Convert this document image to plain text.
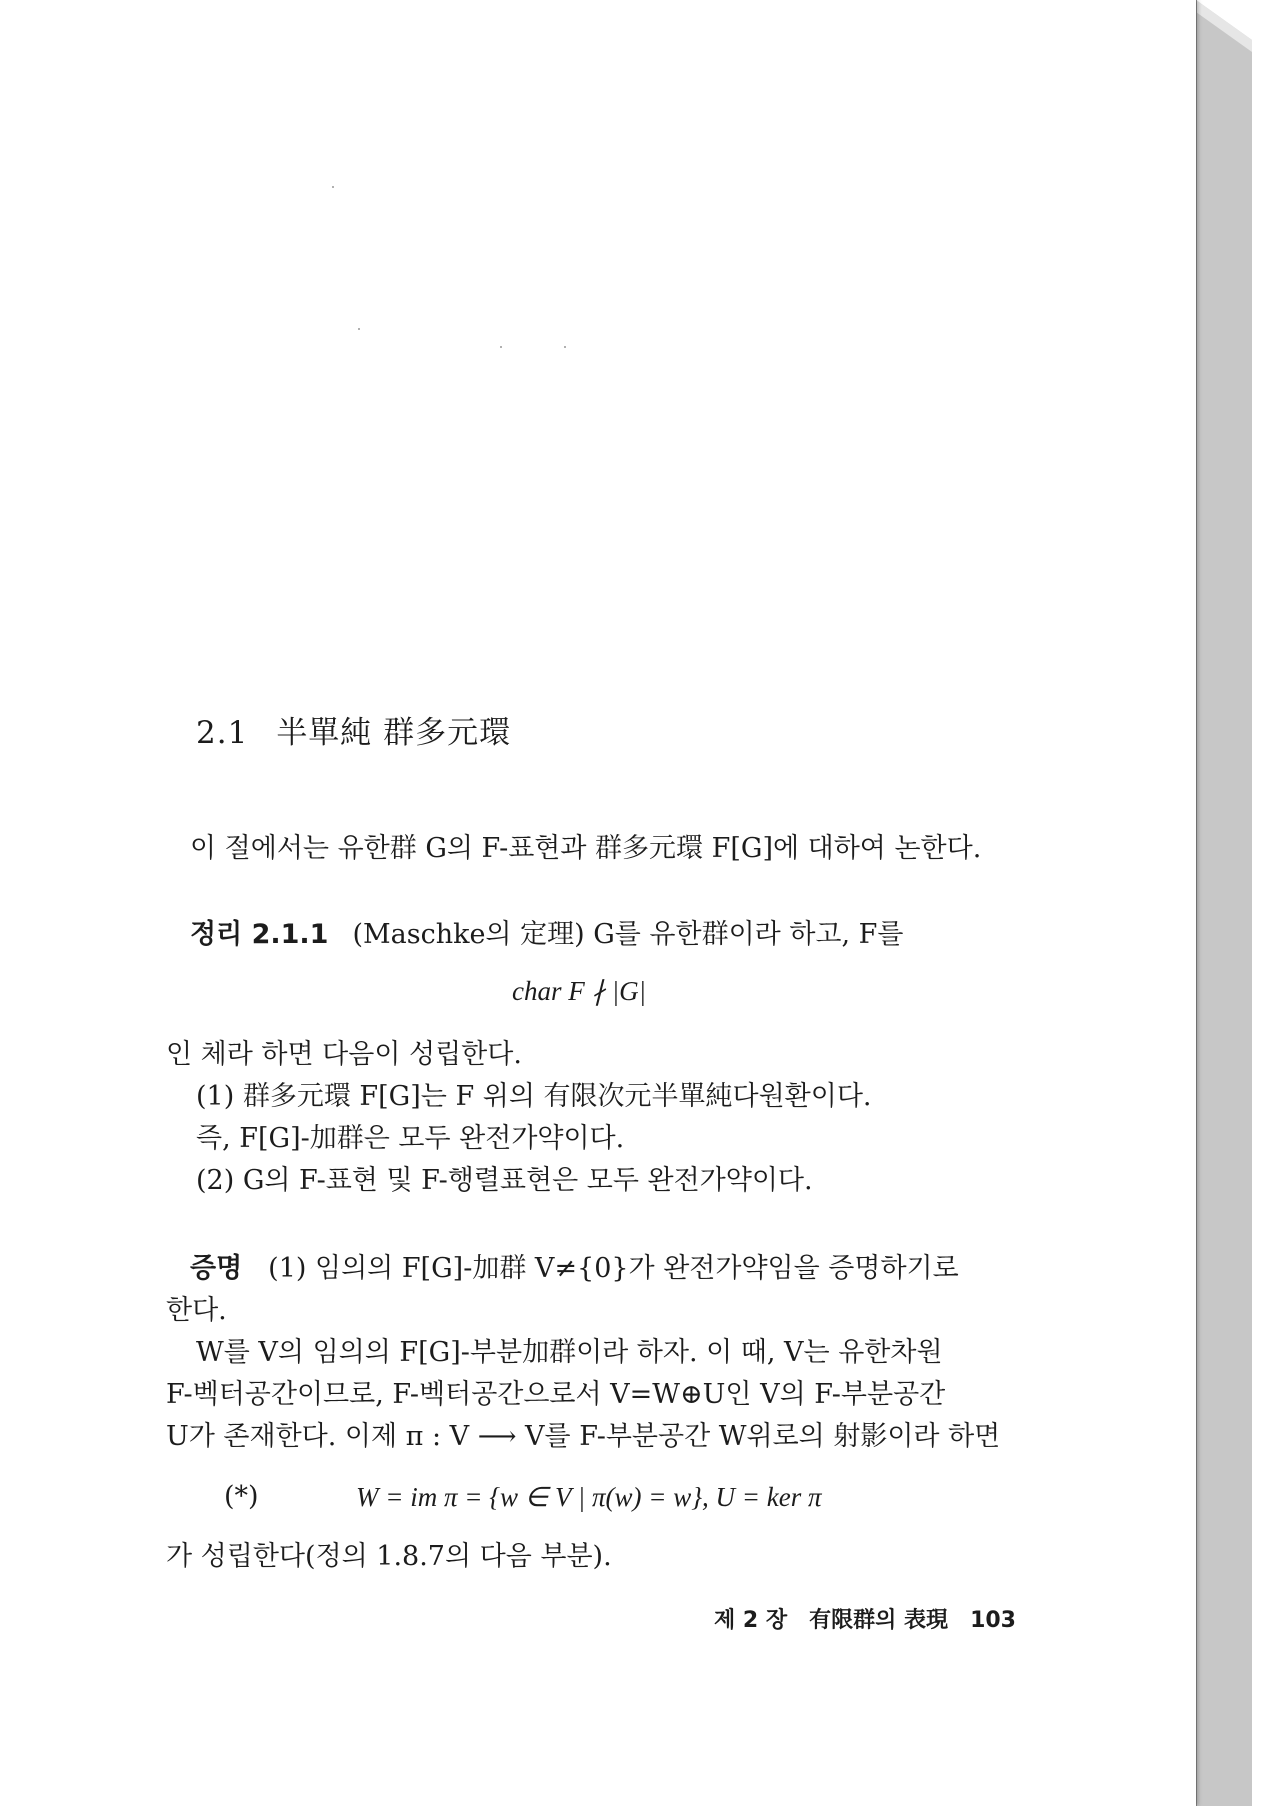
2.1 半單純 群多元環
이 절에서는 유한群 G의 F-표현과 群多元環 F[G]에 대하여 논한다.
정리 2.1.1 (Maschke의 定理) G를 유한群이라 하고, F를
char F ∤ |G|
인 체라 하면 다음이 성립한다.
(1) 群多元環 F[G]는 F 위의 有限次元半單純다원환이다.
즉, F[G]-加群은 모두 완전가약이다.
(2) G의 F-표현 및 F-행렬표현은 모두 완전가약이다.
증명 (1) 임의의 F[G]-加群 V≠{0}가 완전가약임을 증명하기로
한다.
W를 V의 임의의 F[G]-부분加群이라 하자. 이 때, V는 유한차원
F-벡터공간이므로, F-벡터공간으로서 V=W⊕U인 V의 F-부분공간
U가 존재한다. 이제 π : V ⟶ V를 F-부분공간 W위로의 射影이라 하면
(*)	W = im π = {w ∈ V | π(w) = w}, U = ker π
가 성립한다(정의 1.8.7의 다음 부분).
제 2 장 有限群의 表現 103
